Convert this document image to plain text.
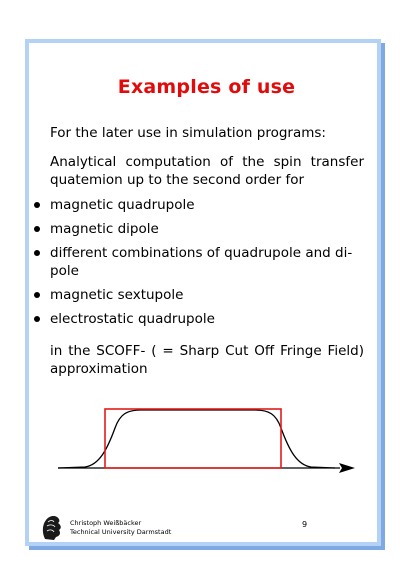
Examples of use

For the later use in simulation programs:

Analytical computation of the spin transfer quatemion up to the second order for

magnetic quadrupole
magnetic dipole
different combinations of quadrupole and di-pole
magnetic sextupole
electrostatic quadrupole

in the SCOFF- ( = Sharp Cut Off Fringe Field) approximation

Christoph Weißbäcker
Technical University Darmstadt

9
